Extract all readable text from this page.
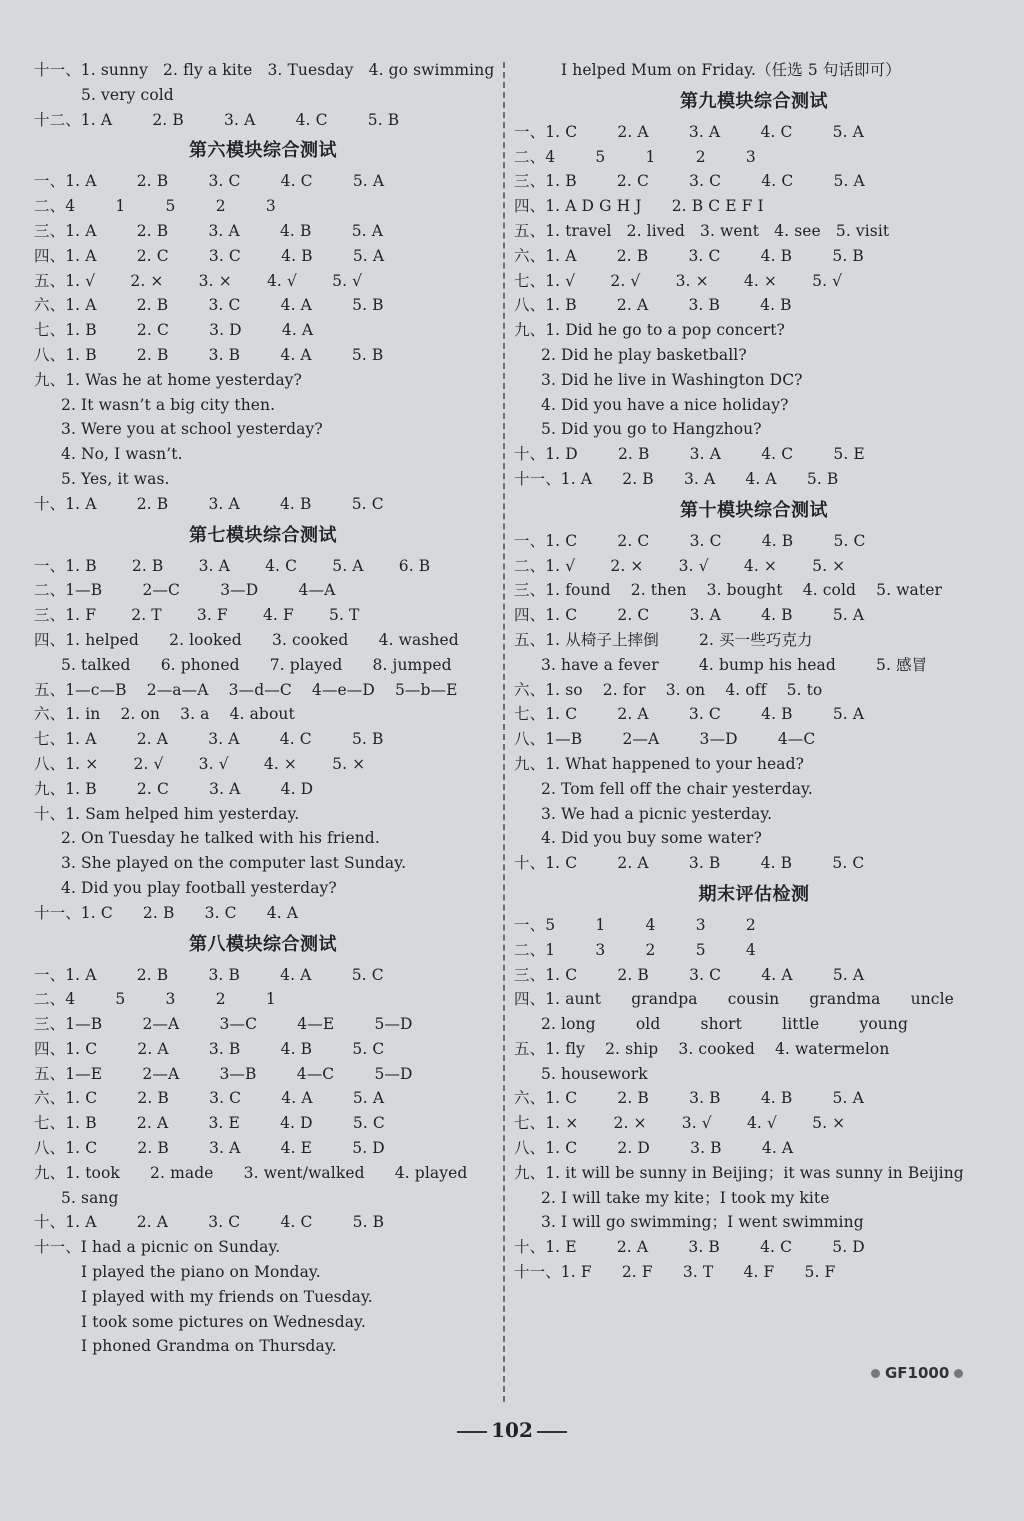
十一、1. sunny   2. fly a kite   3. Tuesday   4. go swimming
5. very cold
十二、1. A        2. B        3. A        4. C        5. B
第六模块综合测试
一、1. A        2. B        3. C        4. C        5. A
二、4        1        5        2        3
三、1. A        2. B        3. A        4. B        5. A
四、1. A        2. C        3. C        4. B        5. A
五、1. √       2. ×       3. ×       4. √       5. √
六、1. A        2. B        3. C        4. A        5. B
七、1. B        2. C        3. D        4. A
八、1. B        2. B        3. B        4. A        5. B
九、1. Was he at home yesterday?
2. It wasn’t a big city then.
3. Were you at school yesterday?
4. No, I wasn’t.
5. Yes, it was.
十、1. A        2. B        3. A        4. B        5. C
第七模块综合测试
一、1. B       2. B       3. A       4. C       5. A       6. B
二、1—B        2—C        3—D        4—A
三、1. F       2. T       3. F       4. F       5. T
四、1. helped      2. looked      3. cooked      4. washed
5. talked      6. phoned      7. played      8. jumped
五、1—c—B    2—a—A    3—d—C    4—e—D    5—b—E
六、1. in    2. on    3. a    4. about
七、1. A        2. A        3. A        4. C        5. B
八、1. ×       2. √       3. √       4. ×       5. ×
九、1. B        2. C        3. A        4. D
十、1. Sam helped him yesterday.
2. On Tuesday he talked with his friend.
3. She played on the computer last Sunday.
4. Did you play football yesterday?
十一、1. C      2. B      3. C      4. A
第八模块综合测试
一、1. A        2. B        3. B        4. A        5. C
二、4        5        3        2        1
三、1—B        2—A        3—C        4—E        5—D
四、1. C        2. A        3. B        4. B        5. C
五、1—E        2—A        3—B        4—C        5—D
六、1. C        2. B        3. C        4. A        5. A
七、1. B        2. A        3. E        4. D        5. C
八、1. C        2. B        3. A        4. E        5. D
九、1. took      2. made      3. went/walked      4. played
5. sang
十、1. A        2. A        3. C        4. C        5. B
十一、I had a picnic on Sunday.
I played the piano on Monday.
I played with my friends on Tuesday.
I took some pictures on Wednesday.
I phoned Grandma on Thursday.
I helped Mum on Friday.（任选 5 句话即可）
第九模块综合测试
一、1. C        2. A        3. A        4. C        5. A
二、4        5        1        2        3
三、1. B        2. C        3. C        4. C        5. A
四、1. A D G H J      2. B C E F I
五、1. travel   2. lived   3. went   4. see   5. visit
六、1. A        2. B        3. C        4. B        5. B
七、1. √       2. √       3. ×       4. ×       5. √
八、1. B        2. A        3. B        4. B
九、1. Did he go to a pop concert?
2. Did he play basketball?
3. Did he live in Washington DC?
4. Did you have a nice holiday?
5. Did you go to Hangzhou?
十、1. D        2. B        3. A        4. C        5. E
十一、1. A      2. B      3. A      4. A      5. B
第十模块综合测试
一、1. C        2. C        3. C        4. B        5. C
二、1. √       2. ×       3. √       4. ×       5. ×
三、1. found    2. then    3. bought    4. cold    5. water
四、1. C        2. C        3. A        4. B        5. A
五、1. 从椅子上摔倒        2. 买一些巧克力
3. have a fever        4. bump his head        5. 感冒
六、1. so    2. for    3. on    4. off    5. to
七、1. C        2. A        3. C        4. B        5. A
八、1—B        2—A        3—D        4—C
九、1. What happened to your head?
2. Tom fell off the chair yesterday.
3. We had a picnic yesterday.
4. Did you buy some water?
十、1. C        2. A        3. B        4. B        5. C
期末评估检测
一、5        1        4        3        2
二、1        3        2        5        4
三、1. C        2. B        3. C        4. A        5. A
四、1. aunt      grandpa      cousin      grandma      uncle
2. long        old        short        little        young
五、1. fly    2. ship    3. cooked    4. watermelon
5. housework
六、1. C        2. B        3. B        4. B        5. A
七、1. ×       2. ×       3. √       4. √       5. ×
八、1. C        2. D        3. B        4. A
九、1. it will be sunny in Beijing；it was sunny in Beijing
2. I will take my kite；I took my kite
3. I will go swimming；I went swimming
十、1. E        2. A        3. B        4. C        5. D
十一、1. F      2. F      3. T      4. F      5. F
GF1000
102
